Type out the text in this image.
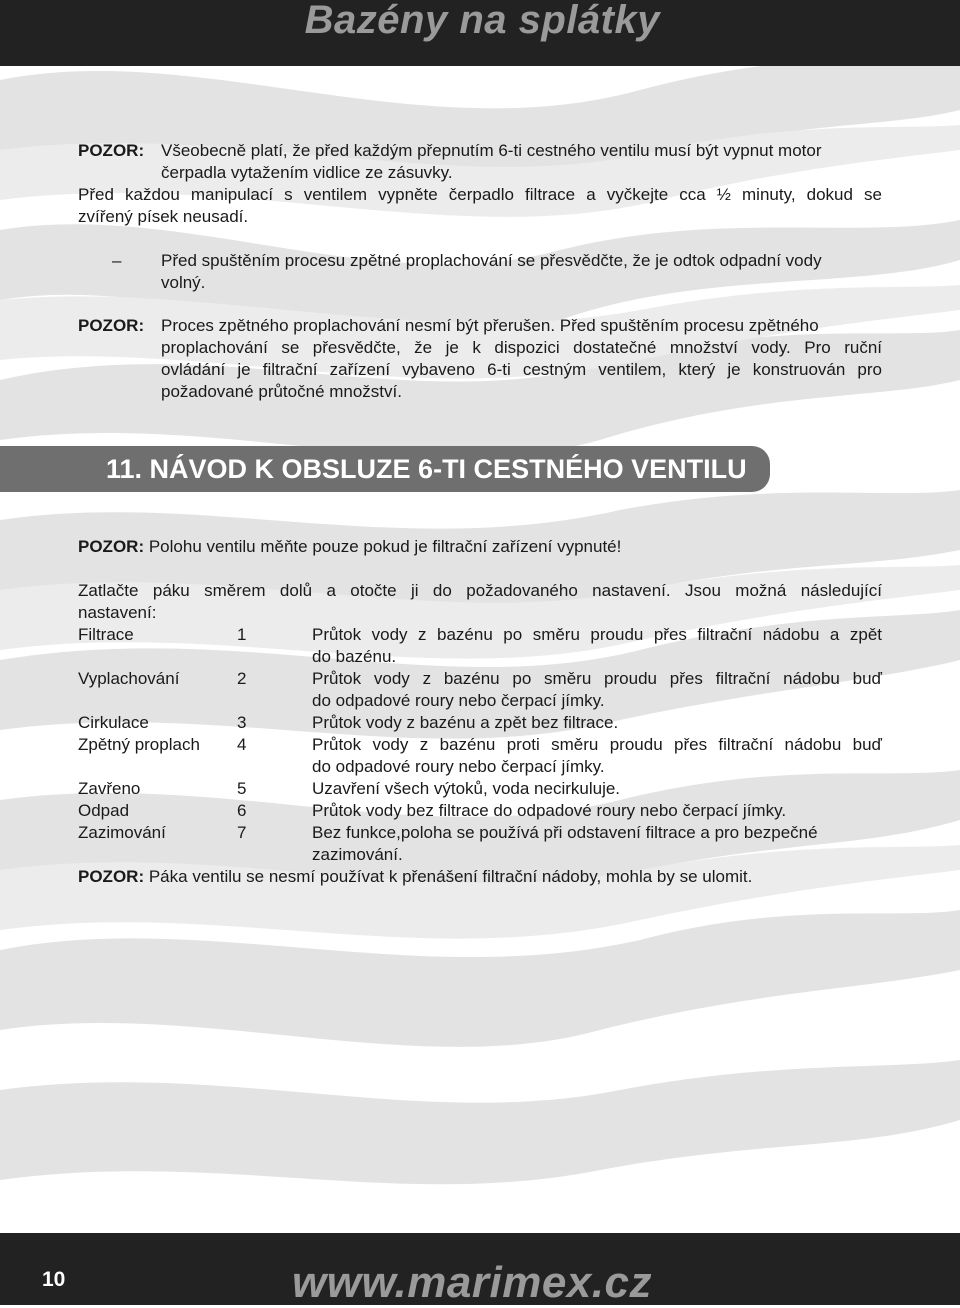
Bazény na splátky
POZOR: Všeobecně platí, že před každým přepnutím 6-ti cestného ventilu musí být vypnut motor
čerpadla vytažením vidlice ze zásuvky.
Před každou manipulací s ventilem vypněte čerpadlo filtrace a vyčkejte cca ½ minuty, dokud se
zvířený písek neusadí.
– Před spuštěním procesu zpětné proplachování se přesvědčte, že je odtok odpadní vody
volný.
POZOR: Proces zpětného proplachování nesmí být přerušen. Před spuštěním procesu zpětného
proplachování se přesvědčte, že je k dispozici dostatečné množství vody. Pro ruční
ovládání je filtrační zařízení vybaveno 6-ti cestným ventilem, který je konstruován pro
požadované průtočné množství.
11. NÁVOD K OBSLUZE 6-TI CESTNÉHO VENTILU
POZOR: Polohu ventilu měňte pouze pokud je filtrační zařízení vypnuté!
Zatlačte páku směrem dolů a otočte ji do požadovaného nastavení. Jsou možná následující
nastavení:
Filtrace	1	Průtok vody z bazénu po směru proudu přes filtrační nádobu a zpět
do bazénu.
Vyplachování	2	Průtok vody z bazénu po směru proudu přes filtrační nádobu buď
do odpadové roury nebo čerpací jímky.
Cirkulace	3	Průtok vody z bazénu a zpět bez filtrace.
Zpětný proplach 4	Průtok vody z bazénu proti směru proudu přes filtrační nádobu buď
do odpadové roury nebo čerpací jímky.
Zavřeno	5	Uzavření všech výtoků, voda necirkuluje.
Odpad	6	Průtok vody bez filtrace do odpadové roury nebo čerpací jímky.
Zazimování	7	Bez funkce,poloha se používá při odstavení filtrace a pro bezpečné
zazimování.
POZOR: Páka ventilu se nesmí používat k přenášení filtrační nádoby, mohla by se ulomit.
10	www.marimex.cz
